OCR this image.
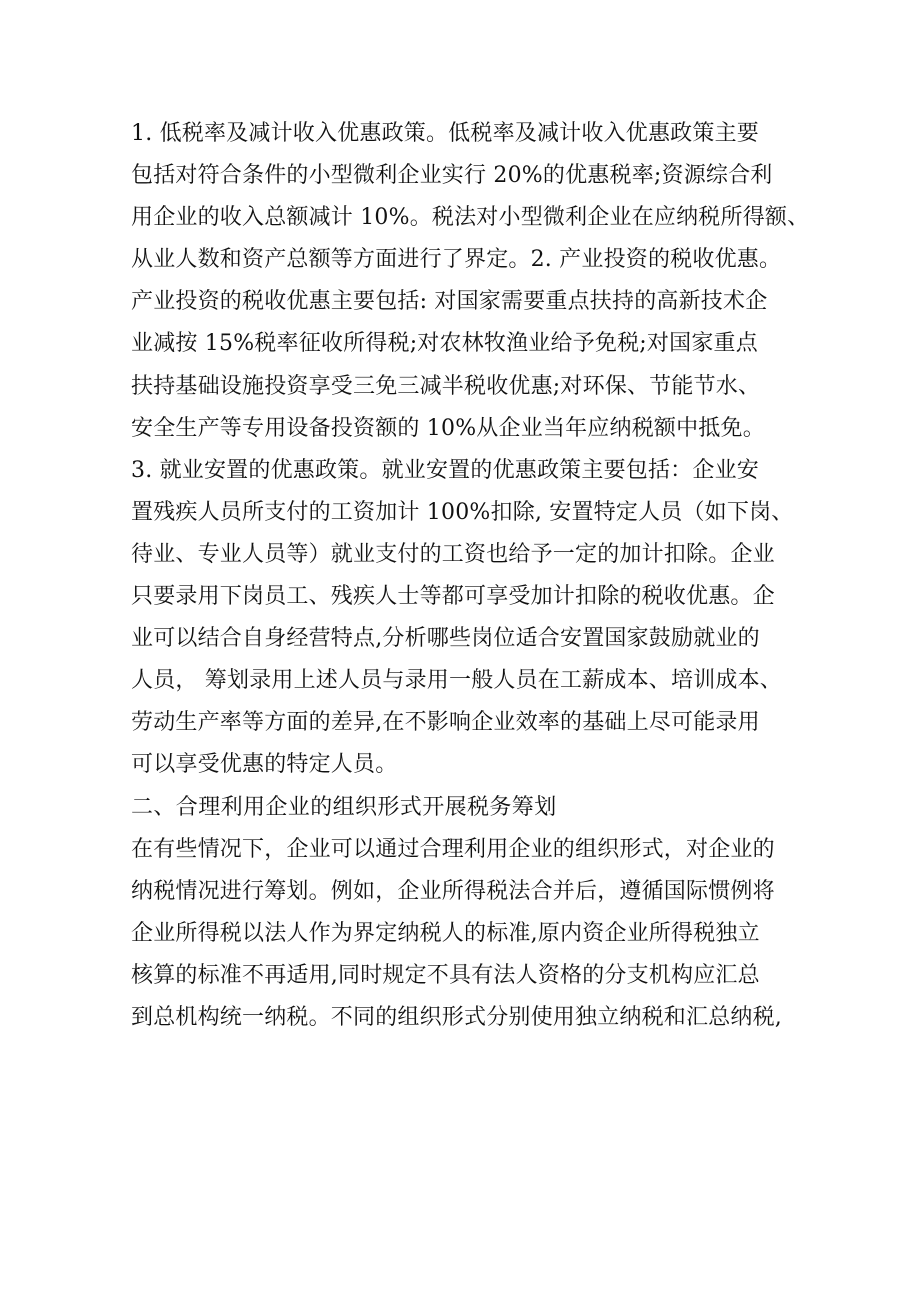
1. 低税率及减计收入优惠政策。低税率及减计收入优惠政策主要
包括对符合条件的小型微利企业实行 20%的优惠税率;资源综合利
用企业的收入总额减计 10%。税法对小型微利企业在应纳税所得额、
从业人数和资产总额等方面进行了界定。2. 产业投资的税收优惠。
产业投资的税收优惠主要包括: 对国家需要重点扶持的高新技术企
业减按 15%税率征收所得税;对农林牧渔业给予免税;对国家重点
扶持基础设施投资享受三免三减半税收优惠;对环保、节能节水、
安全生产等专用设备投资额的 10%从企业当年应纳税额中抵免。
3. 就业安置的优惠政策。就业安置的优惠政策主要包括：企业安
置残疾人员所支付的工资加计 100%扣除, 安置特定人员（如下岗、
待业、专业人员等）就业支付的工资也给予一定的加计扣除。企业
只要录用下岗员工、残疾人士等都可享受加计扣除的税收优惠。企
业可以结合自身经营特点,分析哪些岗位适合安置国家鼓励就业的
人员， 筹划录用上述人员与录用一般人员在工薪成本、培训成本、
劳动生产率等方面的差异,在不影响企业效率的基础上尽可能录用
可以享受优惠的特定人员。
二、合理利用企业的组织形式开展税务筹划
在有些情况下，企业可以通过合理利用企业的组织形式，对企业的
纳税情况进行筹划。例如，企业所得税法合并后，遵循国际惯例将
企业所得税以法人作为界定纳税人的标准,原内资企业所得税独立
核算的标准不再适用,同时规定不具有法人资格的分支机构应汇总
到总机构统一纳税。不同的组织形式分别使用独立纳税和汇总纳税,
